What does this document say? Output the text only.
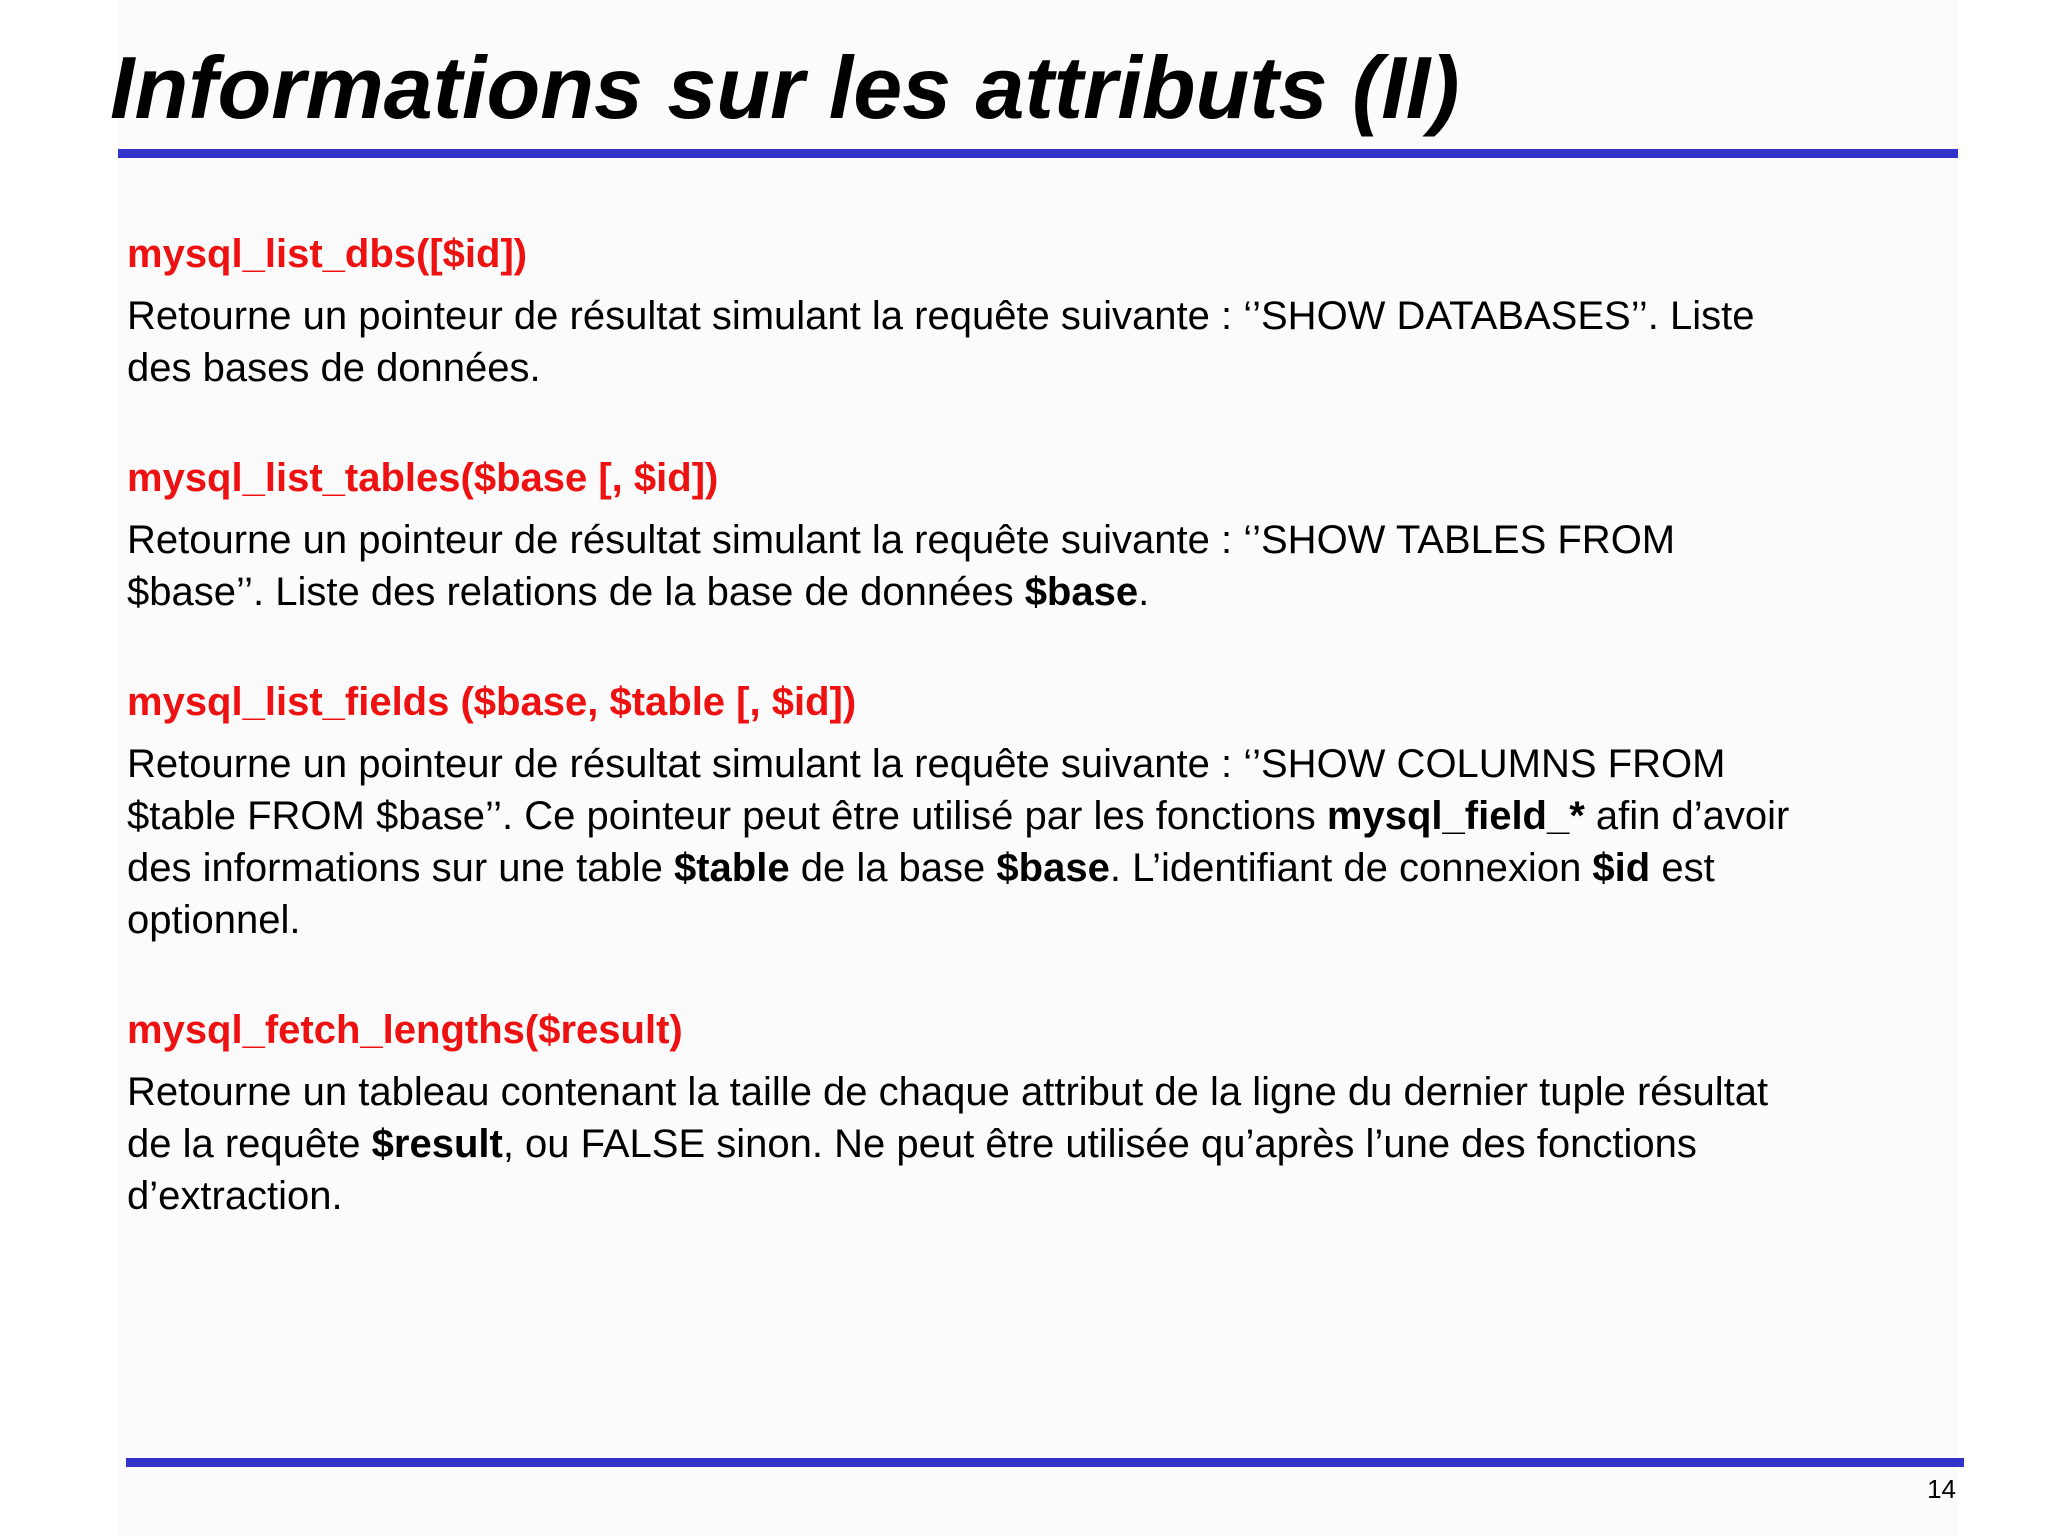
Informations sur les attributs (II)
mysql_list_dbs([$id])

Retourne un pointeur de résultat simulant la requête suivante : ‘’SHOW DATABASES’’. Liste
des bases de données.

mysql_list_tables($base [, $id])

Retourne un pointeur de résultat simulant la requête suivante : ‘’SHOW TABLES FROM
$base’’. Liste des relations de la base de données $base.

mysql_list_fields ($base, $table [, $id])

Retourne un pointeur de résultat simulant la requête suivante : ‘’SHOW COLUMNS FROM
$table FROM $base’’. Ce pointeur peut être utilisé par les fonctions mysql_field_* afin d’avoir
des informations sur une table $table de la base $base. L’identifiant de connexion $id est
optionnel.

mysql_fetch_lengths($result)

Retourne un tableau contenant la taille de chaque attribut de la ligne du dernier tuple résultat
de la requête $result, ou FALSE sinon. Ne peut être utilisée qu’après l’une des fonctions
d’extraction.

14
